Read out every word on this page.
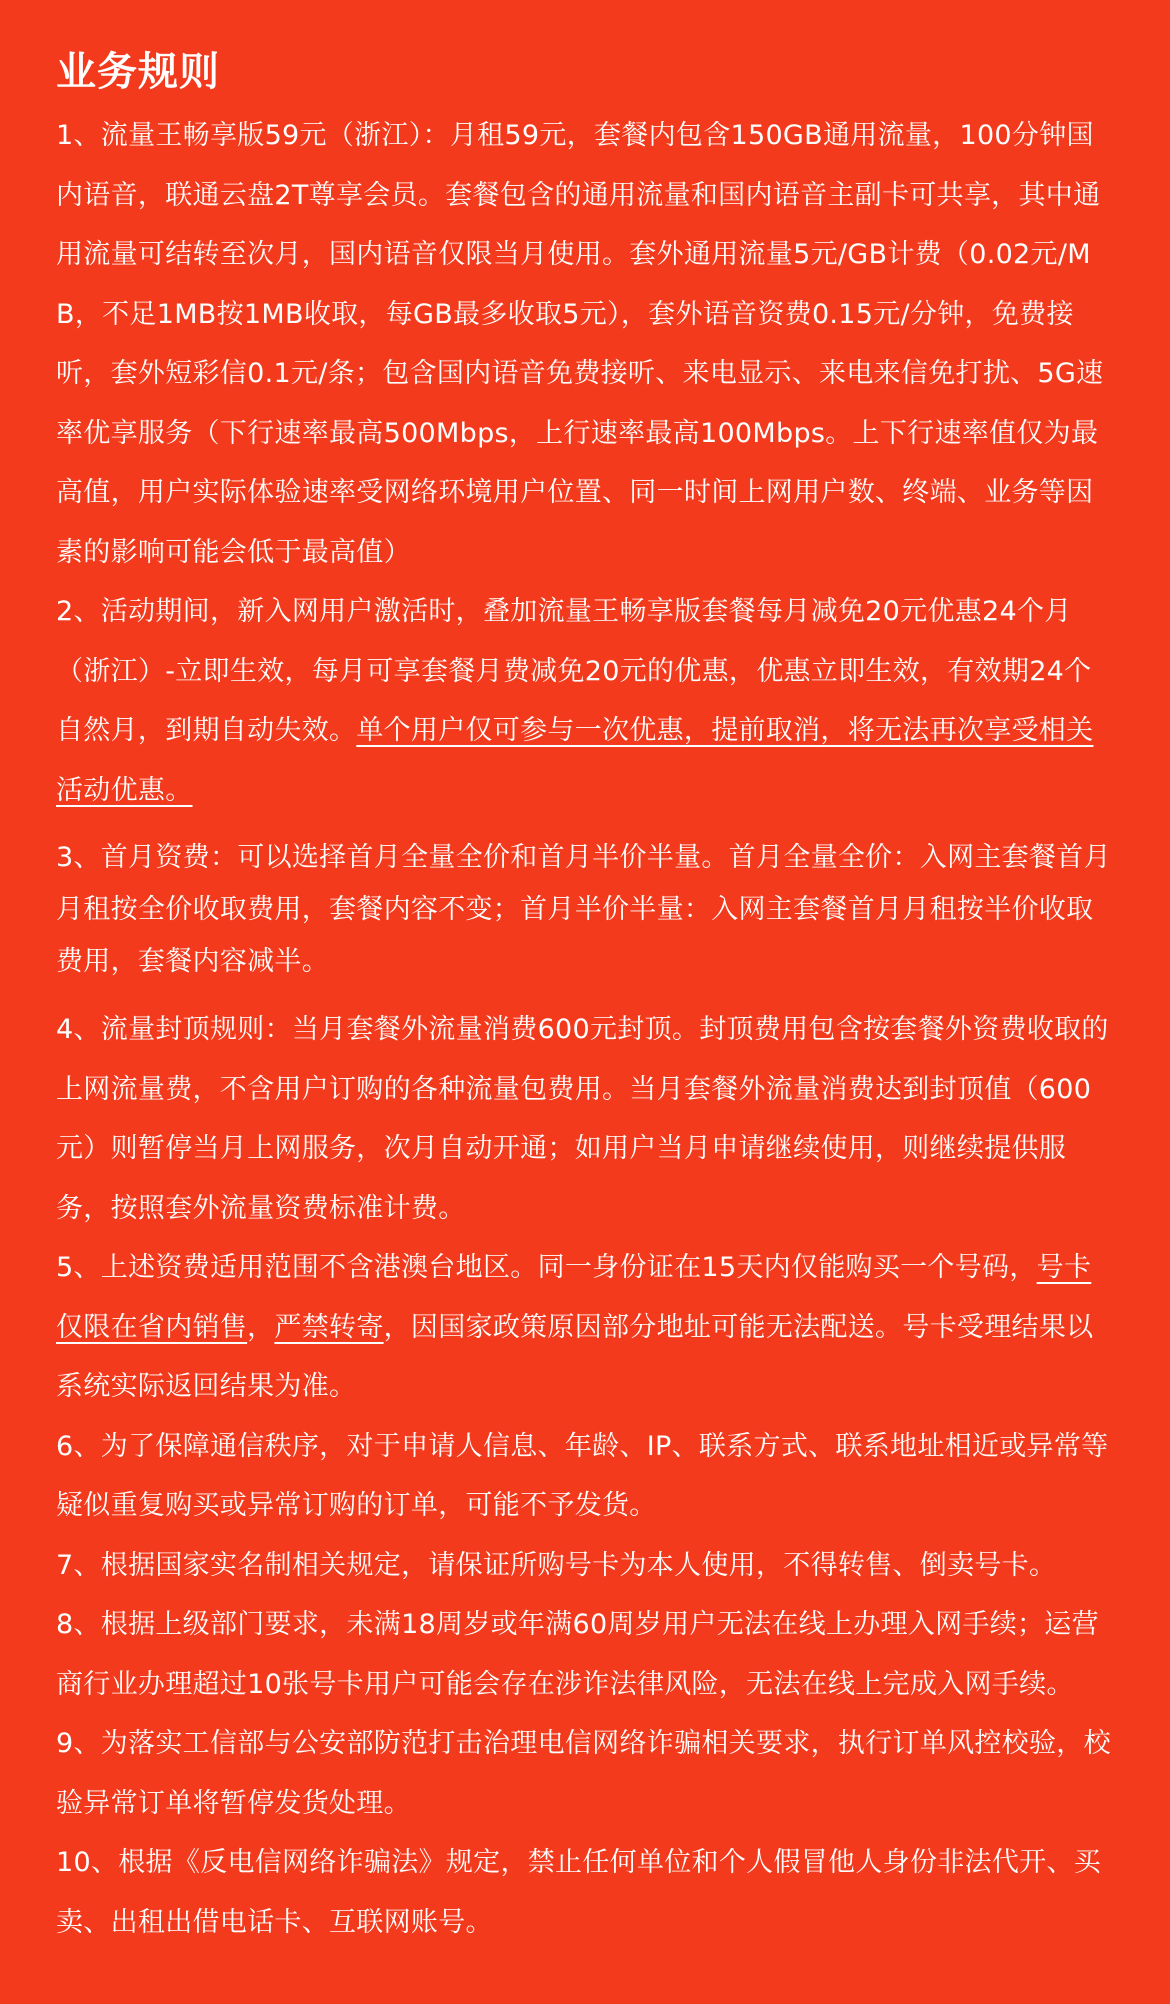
业务规则

1、流量王畅享版59元（浙江）：月租59元，套餐内包含150GB通用流量，100分钟国内语音，联通云盘2T尊享会员。套餐包含的通用流量和国内语音主副卡可共享，其中通用流量可结转至次月，国内语音仅限当月使用。套外通用流量5元/GB计费（0.02元/MB，不足1MB按1MB收取，每GB最多收取5元），套外语音资费0.15元/分钟，免费接听，套外短彩信0.1元/条；包含国内语音免费接听、来电显示、来电来信免打扰、5G速率优享服务（下行速率最高500Mbps，上行速率最高100Mbps。上下行速率值仅为最高值，用户实际体验速率受网络环境用户位置、同一时间上网用户数、终端、业务等因素的影响可能会低于最高值）

2、活动期间，新入网用户激活时，叠加流量王畅享版套餐每月减免20元优惠24个月（浙江）-立即生效，每月可享套餐月费减免20元的优惠，优惠立即生效，有效期24个自然月，到期自动失效。单个用户仅可参与一次优惠，提前取消，将无法再次享受相关活动优惠。

3、首月资费：可以选择首月全量全价和首月半价半量。首月全量全价：入网主套餐首月月租按全价收取费用，套餐内容不变；首月半价半量：入网主套餐首月月租按半价收取费用，套餐内容减半。

4、流量封顶规则：当月套餐外流量消费600元封顶。封顶费用包含按套餐外资费收取的上网流量费，不含用户订购的各种流量包费用。当月套餐外流量消费达到封顶值（600元）则暂停当月上网服务，次月自动开通；如用户当月申请继续使用，则继续提供服务，按照套外流量资费标准计费。

5、上述资费适用范围不含港澳台地区。同一身份证在15天内仅能购买一个号码，号卡仅限在省内销售，严禁转寄，因国家政策原因部分地址可能无法配送。号卡受理结果以系统实际返回结果为准。

6、为了保障通信秩序，对于申请人信息、年龄、IP、联系方式、联系地址相近或异常等疑似重复购买或异常订购的订单，可能不予发货。

7、根据国家实名制相关规定，请保证所购号卡为本人使用，不得转售、倒卖号卡。

8、根据上级部门要求，未满18周岁或年满60周岁用户无法在线上办理入网手续；运营商行业办理超过10张号卡用户可能会存在涉诈法律风险，无法在线上完成入网手续。

9、为落实工信部与公安部防范打击治理电信网络诈骗相关要求，执行订单风控校验，校验异常订单将暂停发货处理。

10、根据《反电信网络诈骗法》规定，禁止任何单位和个人假冒他人身份非法代开、买卖、出租出借电话卡、互联网账号。
